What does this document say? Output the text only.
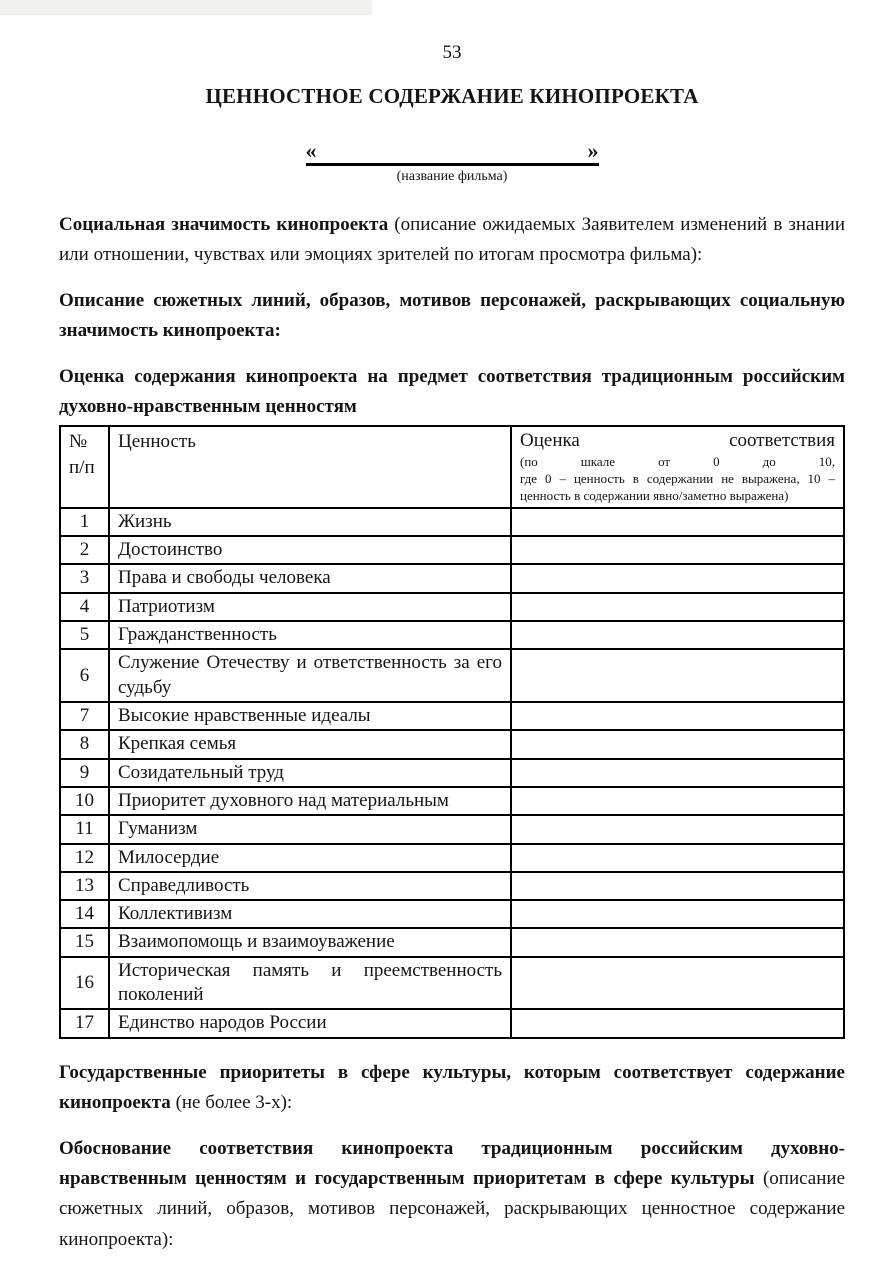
53
ЦЕННОСТНОЕ СОДЕРЖАНИЕ КИНОПРОЕКТА
«	»
(название фильма)

Социальная значимость кинопроекта (описание ожидаемых Заявителем изменений в знании или отношении, чувствах или эмоциях зрителей по итогам просмотра фильма):

Описание сюжетных линий, образов, мотивов персонажей, раскрывающих социальную значимость кинопроекта:

Оценка содержания кинопроекта на предмет соответствия традиционным российским духовно-нравственным ценностям

№
п/п
	Ценность	Оценка соответствия
(по шкале от 0 до 10,
где 0 – ценность в содержании не выражена, 10 –
ценность в содержании явно/заметно выражена)

1	Жизнь	
2	Достоинство	
3	Права и свободы человека	
4	Патриотизм	
5	Гражданственность	
6	Служение Отечеству и ответственность за его судьбу	
7	Высокие нравственные идеалы	
8	Крепкая семья	
9	Созидательный труд	
10	Приоритет духовного над материальным	
11	Гуманизм	
12	Милосердие	
13	Справедливость	
14	Коллективизм	
15	Взаимопомощь и взаимоуважение	
16	Историческая память и преемственность поколений	
17	Единство народов России	

Государственные приоритеты в сфере культуры, которым соответствует содержание кинопроекта (не более 3-х):

Обоснование соответствия кинопроекта традиционным российским духовно-нравственным ценностям и государственным приоритетам в сфере культуры (описание сюжетных линий, образов, мотивов персонажей, раскрывающих ценностное содержание кинопроекта):
